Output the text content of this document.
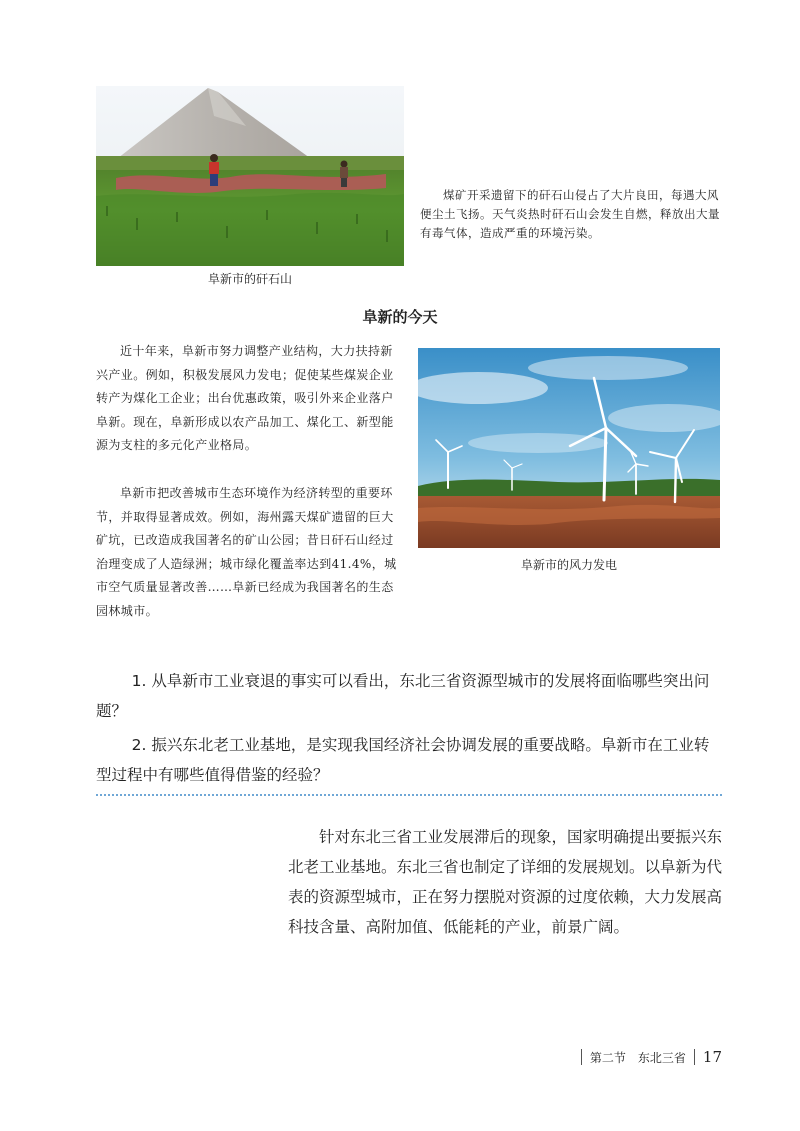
阜新市的矸石山

煤矿开采遗留下的矸石山侵占了大片良田，每遇大风便尘土飞扬。天气炎热时矸石山会发生自燃，释放出大量有毒气体，造成严重的环境污染。

阜新的今天

近十年来，阜新市努力调整产业结构，大力扶持新兴产业。例如，积极发展风力发电；促使某些煤炭企业转产为煤化工企业；出台优惠政策，吸引外来企业落户阜新。现在，阜新形成以农产品加工、煤化工、新型能源为支柱的多元化产业格局。

阜新市把改善城市生态环境作为经济转型的重要环节，并取得显著成效。例如，海州露天煤矿遗留的巨大矿坑，已改造成我国著名的矿山公园；昔日矸石山经过治理变成了人造绿洲；城市绿化覆盖率达到41.4%，城市空气质量显著改善……阜新已经成为我国著名的生态园林城市。

阜新市的风力发电

1. 从阜新市工业衰退的事实可以看出，东北三省资源型城市的发展将面临哪些突出问题？

2. 振兴东北老工业基地，是实现我国经济社会协调发展的重要战略。阜新市在工业转型过程中有哪些值得借鉴的经验？

针对东北三省工业发展滞后的现象，国家明确提出要振兴东北老工业基地。东北三省也制定了详细的发展规划。以阜新为代表的资源型城市，正在努力摆脱对资源的过度依赖，大力发展高科技含量、高附加值、低能耗的产业，前景广阔。

第二节 东北三省 17
